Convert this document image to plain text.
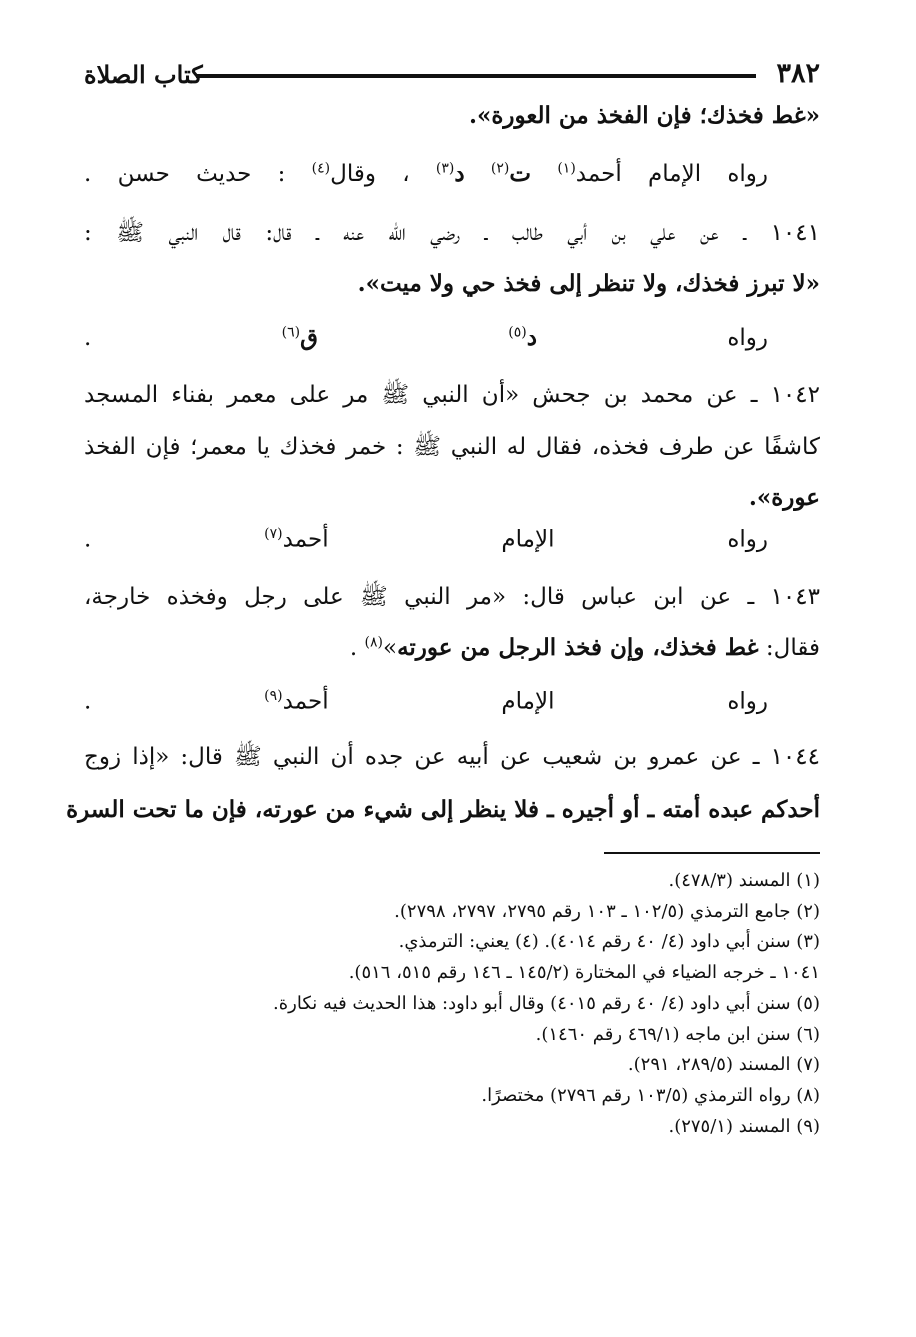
٣٨٢
كتاب الصلاة
«غط فخذك؛ فإن الفخذ من العورة».
رواه الإمام أحمد$^{(١)}$ ت$^{(٢)}$ د$^{(٣)}$ ، وقال$^{(٤)}$ : حديث حسن .
١٠٤١ ـ عن علي بن أبي طالب ـ رضي اللّه عنه ـ قال: قال النبي ﷺ :
«لا تبرز فخذك، ولا تنظر إلى فخذ حي ولا ميت».
رواه د$^{(٥)}$ ق$^{(٦)}$ .
١٠٤٢ ـ عن محمد بن جحش «أن النبي ﷺ مر على معمر بفناء المسجد
كاشفًا عن طرف فخذه، فقال له النبي ﷺ : خمر فخذك يا معمر؛ فإن الفخذ
عورة».
رواه الإمام أحمد$^{(٧)}$ .
١٠٤٣ ـ عن ابن عباس قال: «مر النبي ﷺ على رجل وفخذه خارجة،
فقال: غط فخذك، وإن فخذ الرجل من عورته»$^{(٨)}$ .
رواه الإمام أحمد$^{(٩)}$ .
١٠٤٤ ـ عن عمرو بن شعيب عن أبيه عن جده أن النبي ﷺ قال: «إذا زوج
أحدكم عبده أمته ـ أو أجيره ـ فلا ينظر إلى شيء من عورته، فإن ما تحت السرة
(١) المسند (٤٧٨/٣).
(٢) جامع الترمذي (١٠٢/٥ ـ ١٠٣ رقم ٢٧٩٥، ٢٧٩٧، ٢٧٩٨).
(٣) سنن أبي داود (٤/ ٤٠ رقم ٤٠١٤). (٤) يعني: الترمذي.
١٠٤١ ـ خرجه الضياء في المختارة (١٤٥/٢ ـ ١٤٦ رقم ٥١٥، ٥١٦).
(٥) سنن أبي داود (٤/ ٤٠ رقم ٤٠١٥) وقال أبو داود: هذا الحديث فيه نكارة.
(٦) سنن ابن ماجه (٤٦٩/١ رقم ١٤٦٠).
(٧) المسند (٢٨٩/٥، ٢٩١).
(٨) رواه الترمذي (١٠٣/٥ رقم ٢٧٩٦) مختصرًا.
(٩) المسند (٢٧٥/١).
